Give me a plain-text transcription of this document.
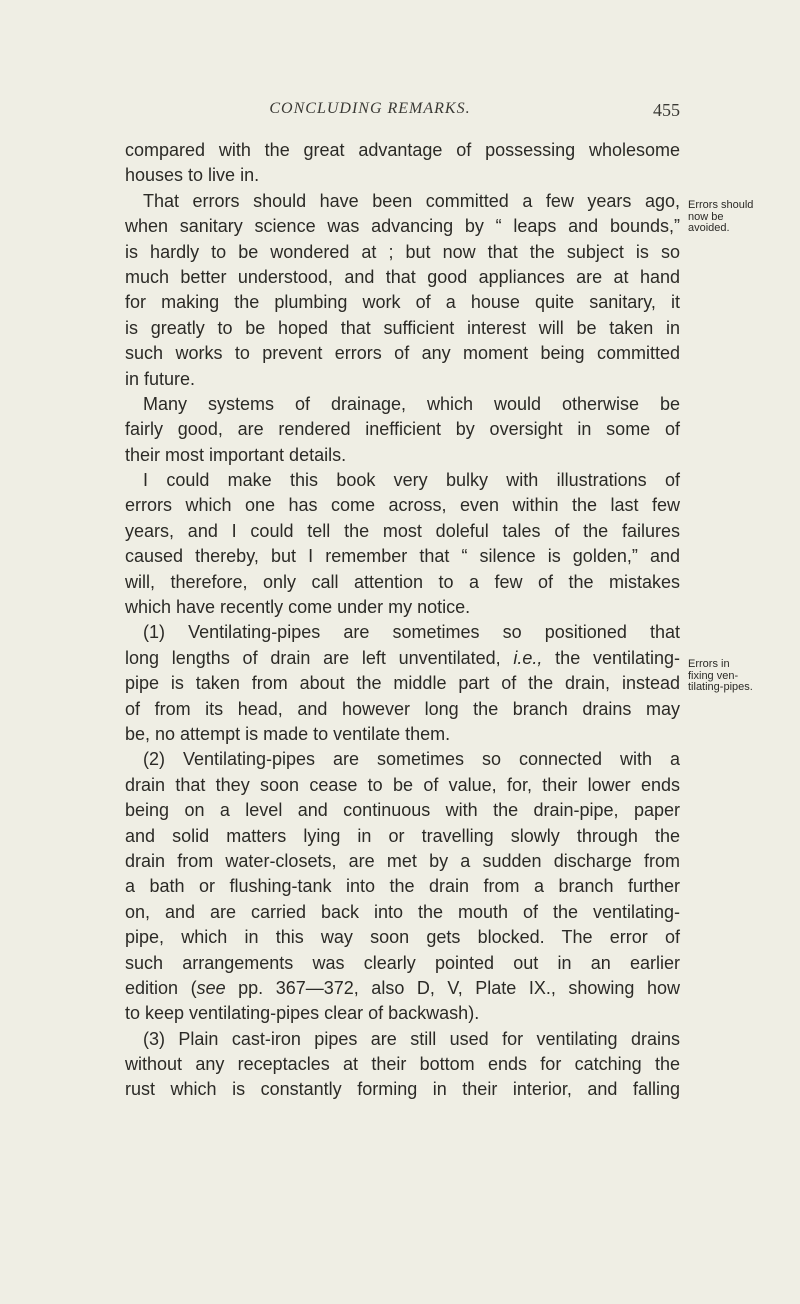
CONCLUDING REMARKS.	455
compared with the great advantage of possessing wholesome
houses to live in.
That errors should have been committed a few years ago,
when sanitary science was advancing by “ leaps and bounds,”
is hardly to be wondered at ; but now that the subject is so
much better understood, and that good appliances are at hand
for making the plumbing work of a house quite sanitary, it
is greatly to be hoped that sufficient interest will be taken in
such works to prevent errors of any moment being committed
in future.
Many systems of drainage, which would otherwise be
fairly good, are rendered inefficient by oversight in some of
their most important details.
I could make this book very bulky with illustrations of
errors which one has come across, even within the last few
years, and I could tell the most doleful tales of the failures
caused thereby, but I remember that “ silence is golden,” and
will, therefore, only call attention to a few of the mistakes
which have recently come under my notice.
(1) Ventilating-pipes are sometimes so positioned that
long lengths of drain are left unventilated, i.e., the ventilating-
pipe is taken from about the middle part of the drain, instead
of from its head, and however long the branch drains may
be, no attempt is made to ventilate them.
(2) Ventilating-pipes are sometimes so connected with a
drain that they soon cease to be of value, for, their lower ends
being on a level and continuous with the drain-pipe, paper
and solid matters lying in or travelling slowly through the
drain from water-closets, are met by a sudden discharge from
a bath or flushing-tank into the drain from a branch further
on, and are carried back into the mouth of the ventilating-
pipe, which in this way soon gets blocked. The error of
such arrangements was clearly pointed out in an earlier
edition (see pp. 367—372, also D, V, Plate IX., showing how
to keep ventilating-pipes clear of backwash).
(3) Plain cast-iron pipes are still used for ventilating drains
without any receptacles at their bottom ends for catching the
rust which is constantly forming in their interior, and falling
Errors should
now be
avoided.
Errors in
fixing ven-
tilating-pipes.
